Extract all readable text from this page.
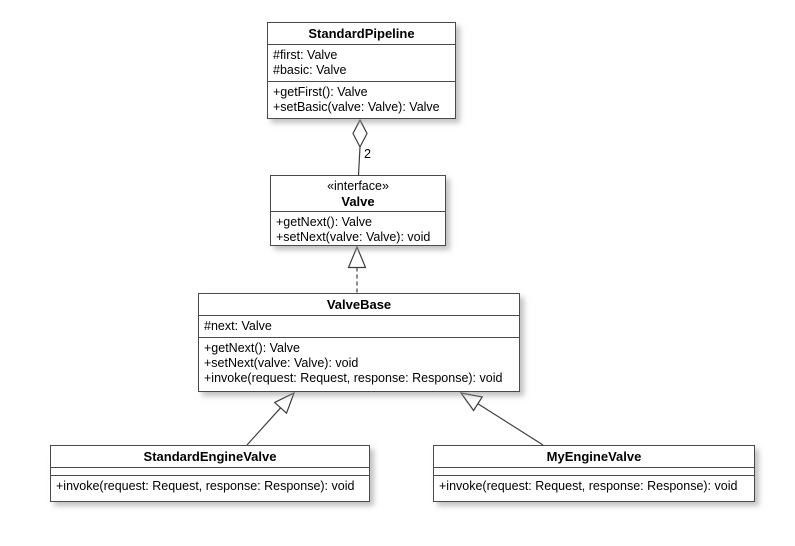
2
StandardPipeline
#first: Valve
#basic: Valve
+getFirst(): Valve
+setBasic(valve: Valve): Valve
«interface»
Valve
+getNext(): Valve
+setNext(valve: Valve): void
ValveBase
#next: Valve
+getNext(): Valve
+setNext(valve: Valve): void
+invoke(request: Request, response: Response): void
StandardEngineValve
+invoke(request: Request, response: Response): void
MyEngineValve
+invoke(request: Request, response: Response): void
